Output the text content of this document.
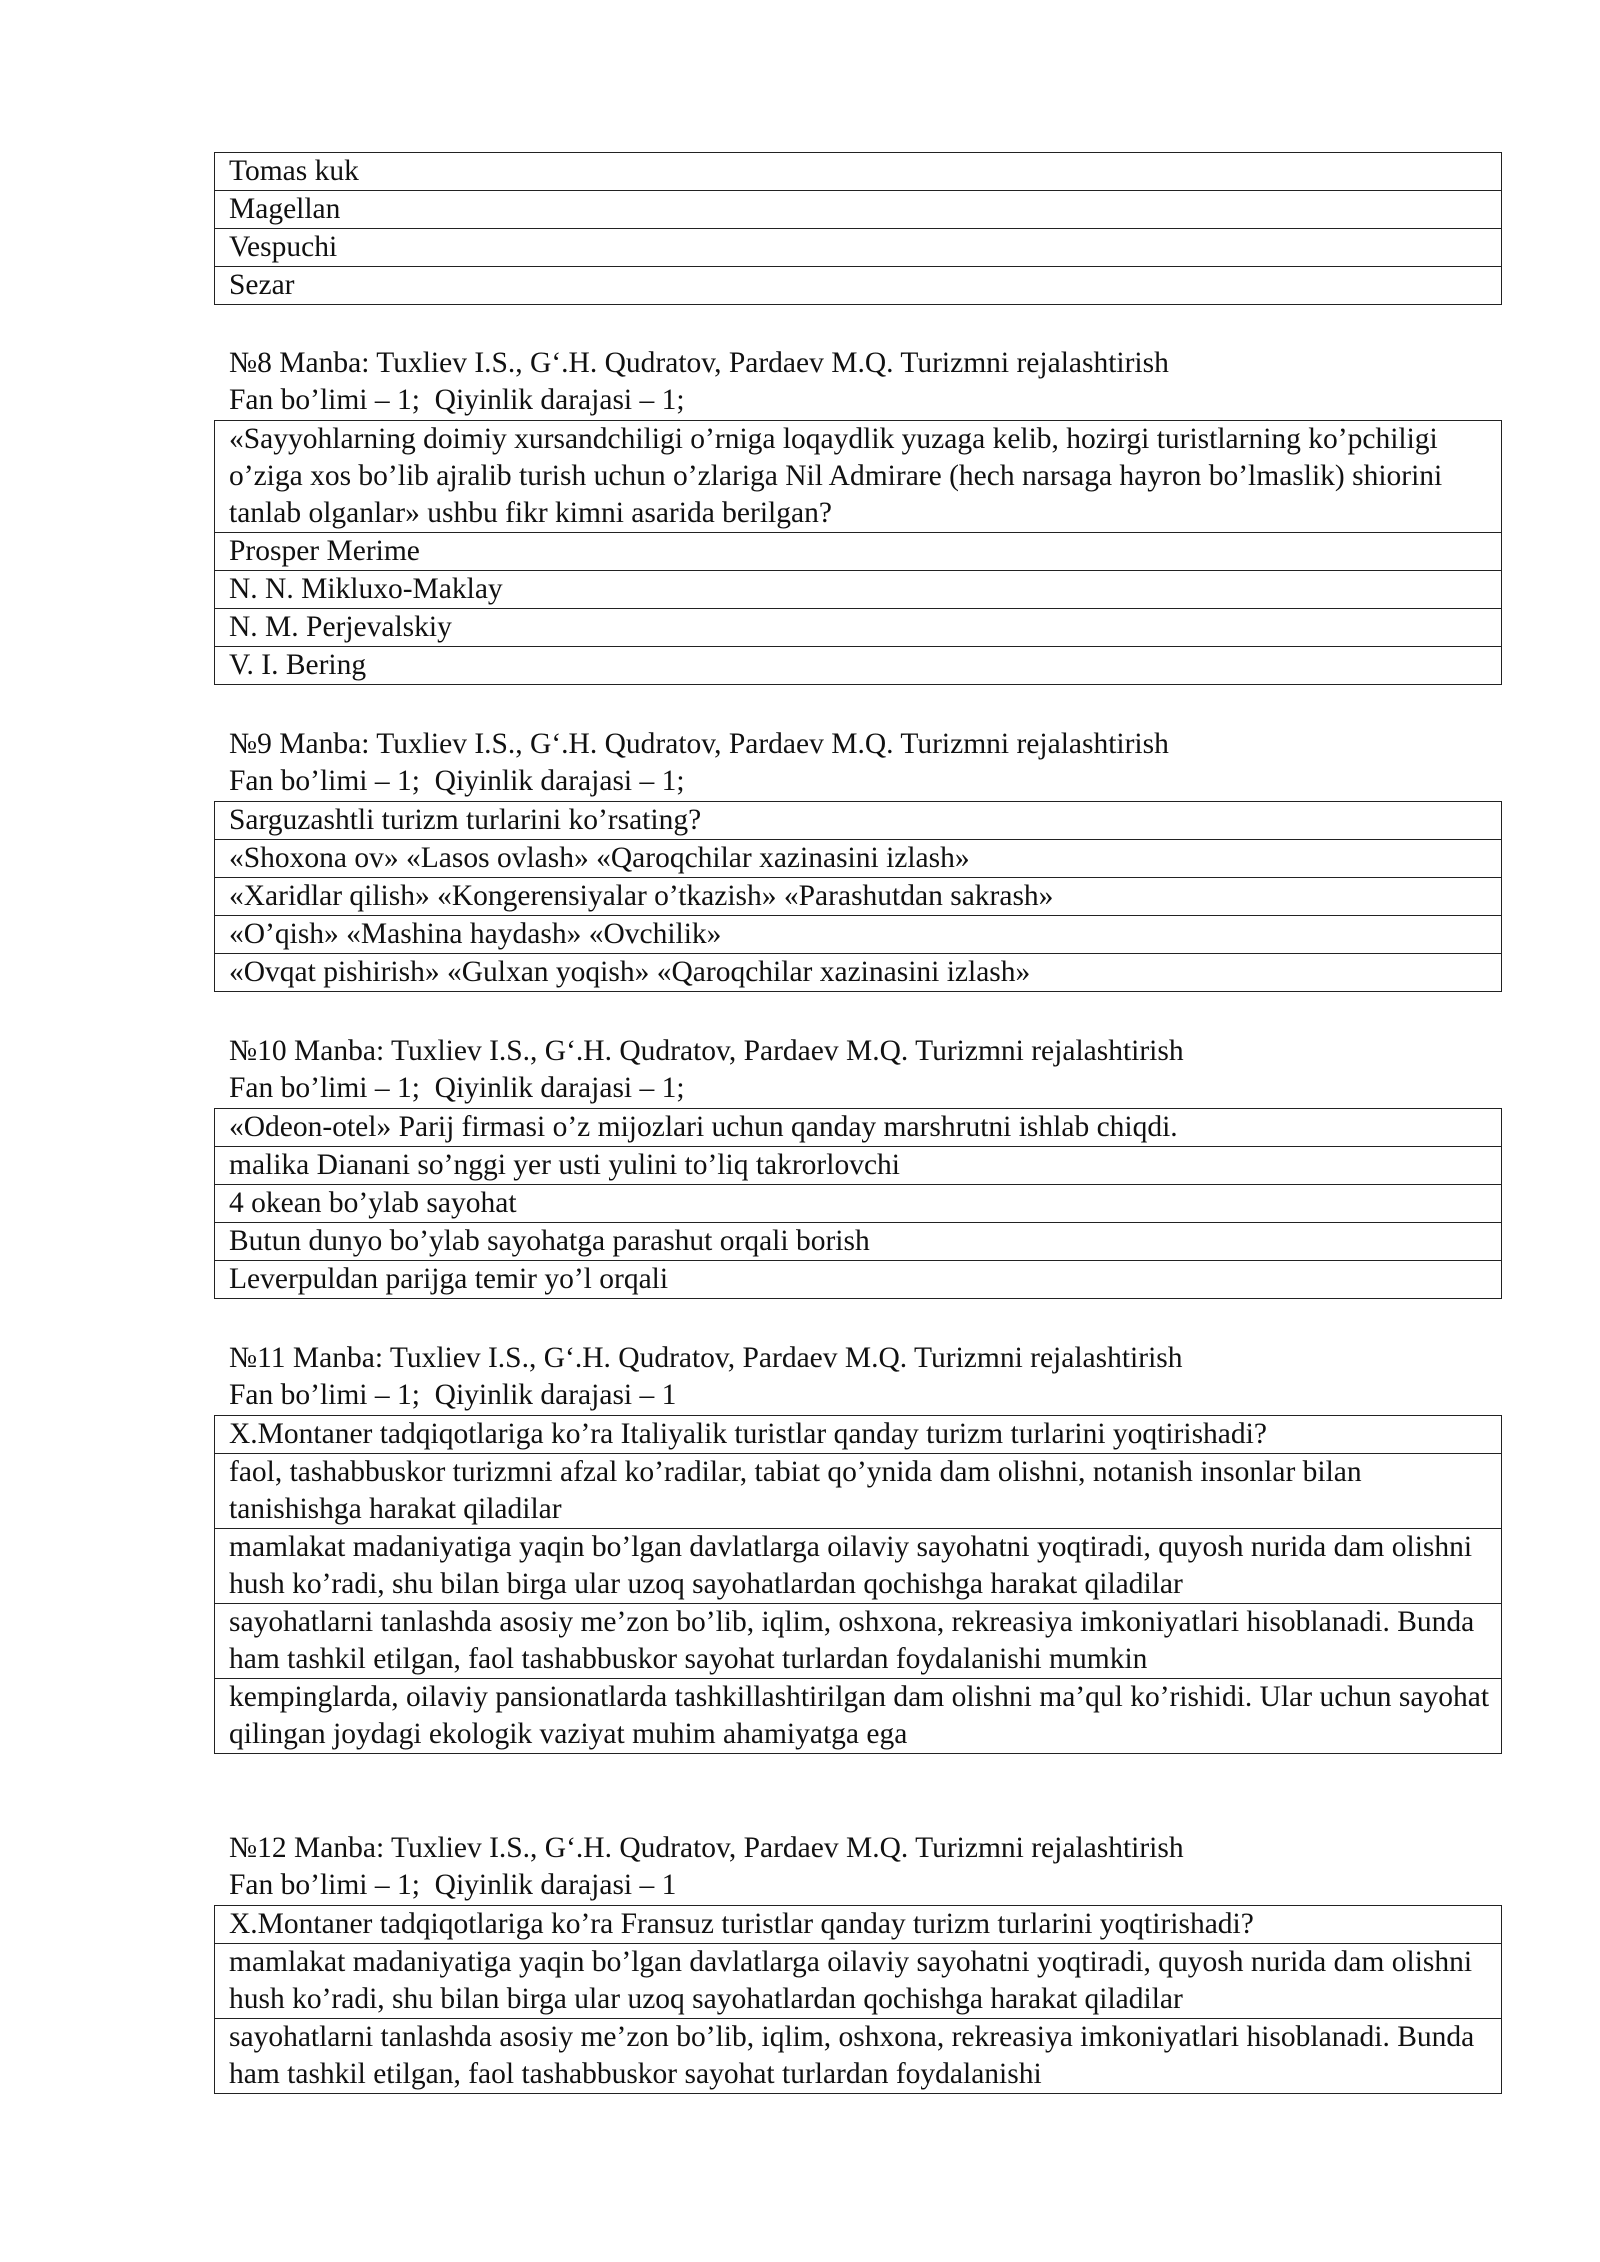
Tomas kuk
Magellan
Vespuchi
Sezar
№8 Manba: Tuxliev I.S., G‘.H. Qudratov, Pardaev M.Q. Turizmni rejalashtirish
Fan bo’limi – 1;  Qiyinlik darajasi – 1;
«Sayyohlarning doimiy xursandchiligi o’rniga loqaydlik yuzaga kelib, hozirgi turistlarning ko’pchiligi o’ziga xos bo’lib ajralib turish uchun o’zlariga Nil Admirare (hech narsaga hayron bo’lmaslik) shiorini tanlab olganlar» ushbu fikr kimni asarida berilgan?
Prosper Merime
N. N. Mikluxo-Maklay
N. M. Perjevalskiy
V. I. Bering
№9 Manba: Tuxliev I.S., G‘.H. Qudratov, Pardaev M.Q. Turizmni rejalashtirish
Fan bo’limi – 1;  Qiyinlik darajasi – 1;
Sarguzashtli turizm turlarini ko’rsating?
«Shoxona ov» «Lasos ovlash» «Qaroqchilar xazinasini izlash»
«Xaridlar qilish» «Kongerensiyalar o’tkazish» «Parashutdan sakrash»
«O’qish» «Mashina haydash» «Ovchilik»
«Ovqat pishirish» «Gulxan yoqish» «Qaroqchilar xazinasini izlash»
№10 Manba: Tuxliev I.S., G‘.H. Qudratov, Pardaev M.Q. Turizmni rejalashtirish
Fan bo’limi – 1;  Qiyinlik darajasi – 1;
«Odeon-otel» Parij firmasi o’z mijozlari uchun qanday marshrutni ishlab chiqdi.
malika Dianani so’nggi yer usti yulini to’liq takrorlovchi
4 okean bo’ylab sayohat
Butun dunyo bo’ylab sayohatga parashut orqali borish
Leverpuldan parijga temir yo’l orqali
№11 Manba: Tuxliev I.S., G‘.H. Qudratov, Pardaev M.Q. Turizmni rejalashtirish
Fan bo’limi – 1;  Qiyinlik darajasi – 1
X.Montaner tadqiqotlariga ko’ra Italiyalik turistlar qanday turizm turlarini yoqtirishadi?
faol, tashabbuskor turizmni afzal ko’radilar, tabiat qo’ynida dam olishni, notanish insonlar bilan tanishishga harakat qiladilar
mamlakat madaniyatiga yaqin bo’lgan davlatlarga oilaviy sayohatni yoqtiradi, quyosh nurida dam olishni hush ko’radi, shu bilan birga ular uzoq sayohatlardan qochishga harakat qiladilar
sayohatlarni tanlashda asosiy me’zon bo’lib, iqlim, oshxona, rekreasiya imkoniyatlari hisoblanadi. Bunda ham tashkil etilgan, faol tashabbuskor sayohat turlardan foydalanishi mumkin
kempinglarda, oilaviy pansionatlarda tashkillashtirilgan dam olishni ma’qul ko’rishidi. Ular uchun sayohat qilingan joydagi ekologik vaziyat muhim ahamiyatga ega
№12 Manba: Tuxliev I.S., G‘.H. Qudratov, Pardaev M.Q. Turizmni rejalashtirish
Fan bo’limi – 1;  Qiyinlik darajasi – 1
X.Montaner tadqiqotlariga ko’ra Fransuz turistlar qanday turizm turlarini yoqtirishadi?
mamlakat madaniyatiga yaqin bo’lgan davlatlarga oilaviy sayohatni yoqtiradi, quyosh nurida dam olishni hush ko’radi, shu bilan birga ular uzoq sayohatlardan qochishga harakat qiladilar
sayohatlarni tanlashda asosiy me’zon bo’lib, iqlim, oshxona, rekreasiya imkoniyatlari hisoblanadi. Bunda ham tashkil etilgan, faol tashabbuskor sayohat turlardan foydalanishi
